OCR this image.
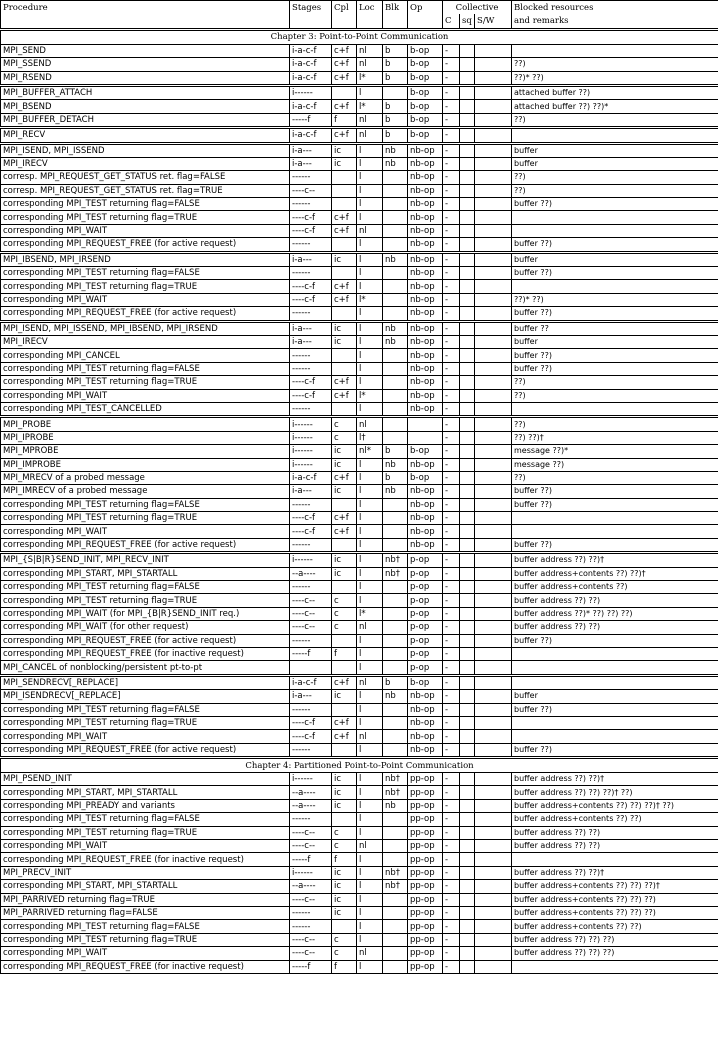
Procedure	Stages	Cpl	Loc	Blk	Op	Collective			Blocked resources
						C	sq	S/W	and remarks
Chapter 3: Point-to-Point Communication									
MPI_SEND	i-a-c-f	c+f	nl	b	b-op	-			
MPI_SSEND	i-a-c-f	c+f	nl	b	b-op	-			??)
MPI_RSEND	i-a-c-f	c+f	l*	b	b-op	-			??)* ??)
MPI_BUFFER_ATTACH	i------		l		b-op	-			attached buffer ??)
MPI_BSEND	i-a-c-f	c+f	l*	b	b-op	-			attached buffer ??) ??)*
MPI_BUFFER_DETACH	-----f	f	nl	b	b-op	-			??)
MPI_RECV	i-a-c-f	c+f	nl	b	b-op	-			
MPI_ISEND, MPI_ISSEND	i-a---	ic	l	nb	nb-op	-			buffer
MPI_IRECV	i-a---	ic	l	nb	nb-op	-			buffer
corresp. MPI_REQUEST_GET_STATUS ret. flag=FALSE	------		l		nb-op	-			??)
corresp. MPI_REQUEST_GET_STATUS ret. flag=TRUE	----c--		l		nb-op	-			??)
corresponding MPI_TEST returning flag=FALSE	------		l		nb-op	-			buffer ??)
corresponding MPI_TEST returning flag=TRUE	----c-f	c+f	l		nb-op	-			
corresponding MPI_WAIT	----c-f	c+f	nl		nb-op	-			
corresponding MPI_REQUEST_FREE (for active request)	------		l		nb-op	-			buffer ??)
MPI_IBSEND, MPI_IRSEND	i-a---	ic	l	nb	nb-op	-			buffer
corresponding MPI_TEST returning flag=FALSE	------		l		nb-op	-			buffer ??)
corresponding MPI_TEST returning flag=TRUE	----c-f	c+f	l		nb-op	-			
corresponding MPI_WAIT	----c-f	c+f	l*		nb-op	-			??)* ??)
corresponding MPI_REQUEST_FREE (for active request)	------		l		nb-op	-			buffer ??)
MPI_ISEND, MPI_ISSEND, MPI_IBSEND, MPI_IRSEND	i-a---	ic	l	nb	nb-op	-			buffer ??
MPI_IRECV	i-a---	ic	l	nb	nb-op	-			buffer
corresponding MPI_CANCEL	------		l		nb-op	-			buffer ??)
corresponding MPI_TEST returning flag=FALSE	------		l		nb-op	-			buffer ??)
corresponding MPI_TEST returning flag=TRUE	----c-f	c+f	l		nb-op	-			??)
corresponding MPI_WAIT	----c-f	c+f	l*		nb-op	-			??)
corresponding MPI_TEST_CANCELLED	------		l		nb-op	-			
MPI_PROBE	i------	c	nl			-			??)
MPI_IPROBE	i------	c	l†			-			??) ??)†
MPI_MPROBE	i------	ic	nl*	b	b-op	-			message ??)*
MPI_IMPROBE	i------	ic	l	nb	nb-op	-			message ??)
MPI_MRECV of a probed message	i-a-c-f	c+f	l	b	b-op	-			??)
MPI_IMRECV of a probed message	i-a---	ic	l	nb	nb-op	-			buffer ??)
corresponding MPI_TEST returning flag=FALSE	------		l		nb-op	-			buffer ??)
corresponding MPI_TEST returning flag=TRUE	----c-f	c+f	l		nb-op	-			
corresponding MPI_WAIT	----c-f	c+f	l		nb-op	-			
corresponding MPI_REQUEST_FREE (for active request)	------		l		nb-op	-			buffer ??)
MPI_{S|B|R}SEND_INIT, MPI_RECV_INIT	i------	ic	l	nb†	p-op	-			buffer address ??) ??)†
corresponding MPI_START, MPI_STARTALL	--a----	ic	l	nb†	p-op	-			buffer address+contents ??) ??)†
corresponding MPI_TEST returning flag=FALSE	------		l		p-op	-			buffer address+contents ??)
corresponding MPI_TEST returning flag=TRUE	----c--	c	l		p-op	-			buffer address ??) ??)
corresponding MPI_WAIT (for MPI_{B|R}SEND_INIT req.)	----c--	c	l*		p-op	-			buffer address ??)* ??) ??) ??)
corresponding MPI_WAIT (for other request)	----c--	c	nl		p-op	-			buffer address ??) ??)
corresponding MPI_REQUEST_FREE (for active request)	------		l		p-op	-			buffer ??)
corresponding MPI_REQUEST_FREE (for inactive request)	-----f	f	l		p-op	-			
MPI_CANCEL of nonblocking/persistent pt-to-pt			l		p-op	-			
MPI_SENDRECV[_REPLACE]	i-a-c-f	c+f	nl	b	b-op	-			
MPI_ISENDRECV[_REPLACE]	i-a---	ic	l	nb	nb-op	-			buffer
corresponding MPI_TEST returning flag=FALSE	------		l		nb-op	-			buffer ??)
corresponding MPI_TEST returning flag=TRUE	----c-f	c+f	l		nb-op	-			
corresponding MPI_WAIT	----c-f	c+f	nl		nb-op	-			
corresponding MPI_REQUEST_FREE (for active request)	------		l		nb-op	-			buffer ??)
Chapter 4: Partitioned Point-to-Point Communication									
MPI_PSEND_INIT	i------	ic	l	nb†	pp-op	-			buffer address ??) ??)†
corresponding MPI_START, MPI_STARTALL	--a----	ic	l	nb†	pp-op	-			buffer address ??) ??) ??)† ??)
corresponding MPI_PREADY and variants	--a----	ic	l	nb	pp-op	-			buffer address+contents ??) ??) ??)† ??)
corresponding MPI_TEST returning flag=FALSE	------		l		pp-op	-			buffer address+contents ??) ??)
corresponding MPI_TEST returning flag=TRUE	----c--	c	l		pp-op	-			buffer address ??) ??)
corresponding MPI_WAIT	----c--	c	nl		pp-op	-			buffer address ??) ??)
corresponding MPI_REQUEST_FREE (for inactive request)	-----f	f	l		pp-op	-			
MPI_PRECV_INIT	i------	ic	l	nb†	pp-op	-			buffer address ??) ??)†
corresponding MPI_START, MPI_STARTALL	--a----	ic	l	nb†	pp-op	-			buffer address+contents ??) ??) ??)†
MPI_PARRIVED returning flag=TRUE	----c--	ic	l		pp-op	-			buffer address+contents ??) ??) ??)
MPI_PARRIVED returning flag=FALSE	------	ic	l		pp-op	-			buffer address+contents ??) ??) ??)
corresponding MPI_TEST returning flag=FALSE	------		l		pp-op	-			buffer address+contents ??) ??)
corresponding MPI_TEST returning flag=TRUE	----c--	c	l		pp-op	-			buffer address ??) ??) ??)
corresponding MPI_WAIT	----c--	c	nl		pp-op	-			buffer address ??) ??) ??)
corresponding MPI_REQUEST_FREE (for inactive request)	-----f	f	l		pp-op	-			
